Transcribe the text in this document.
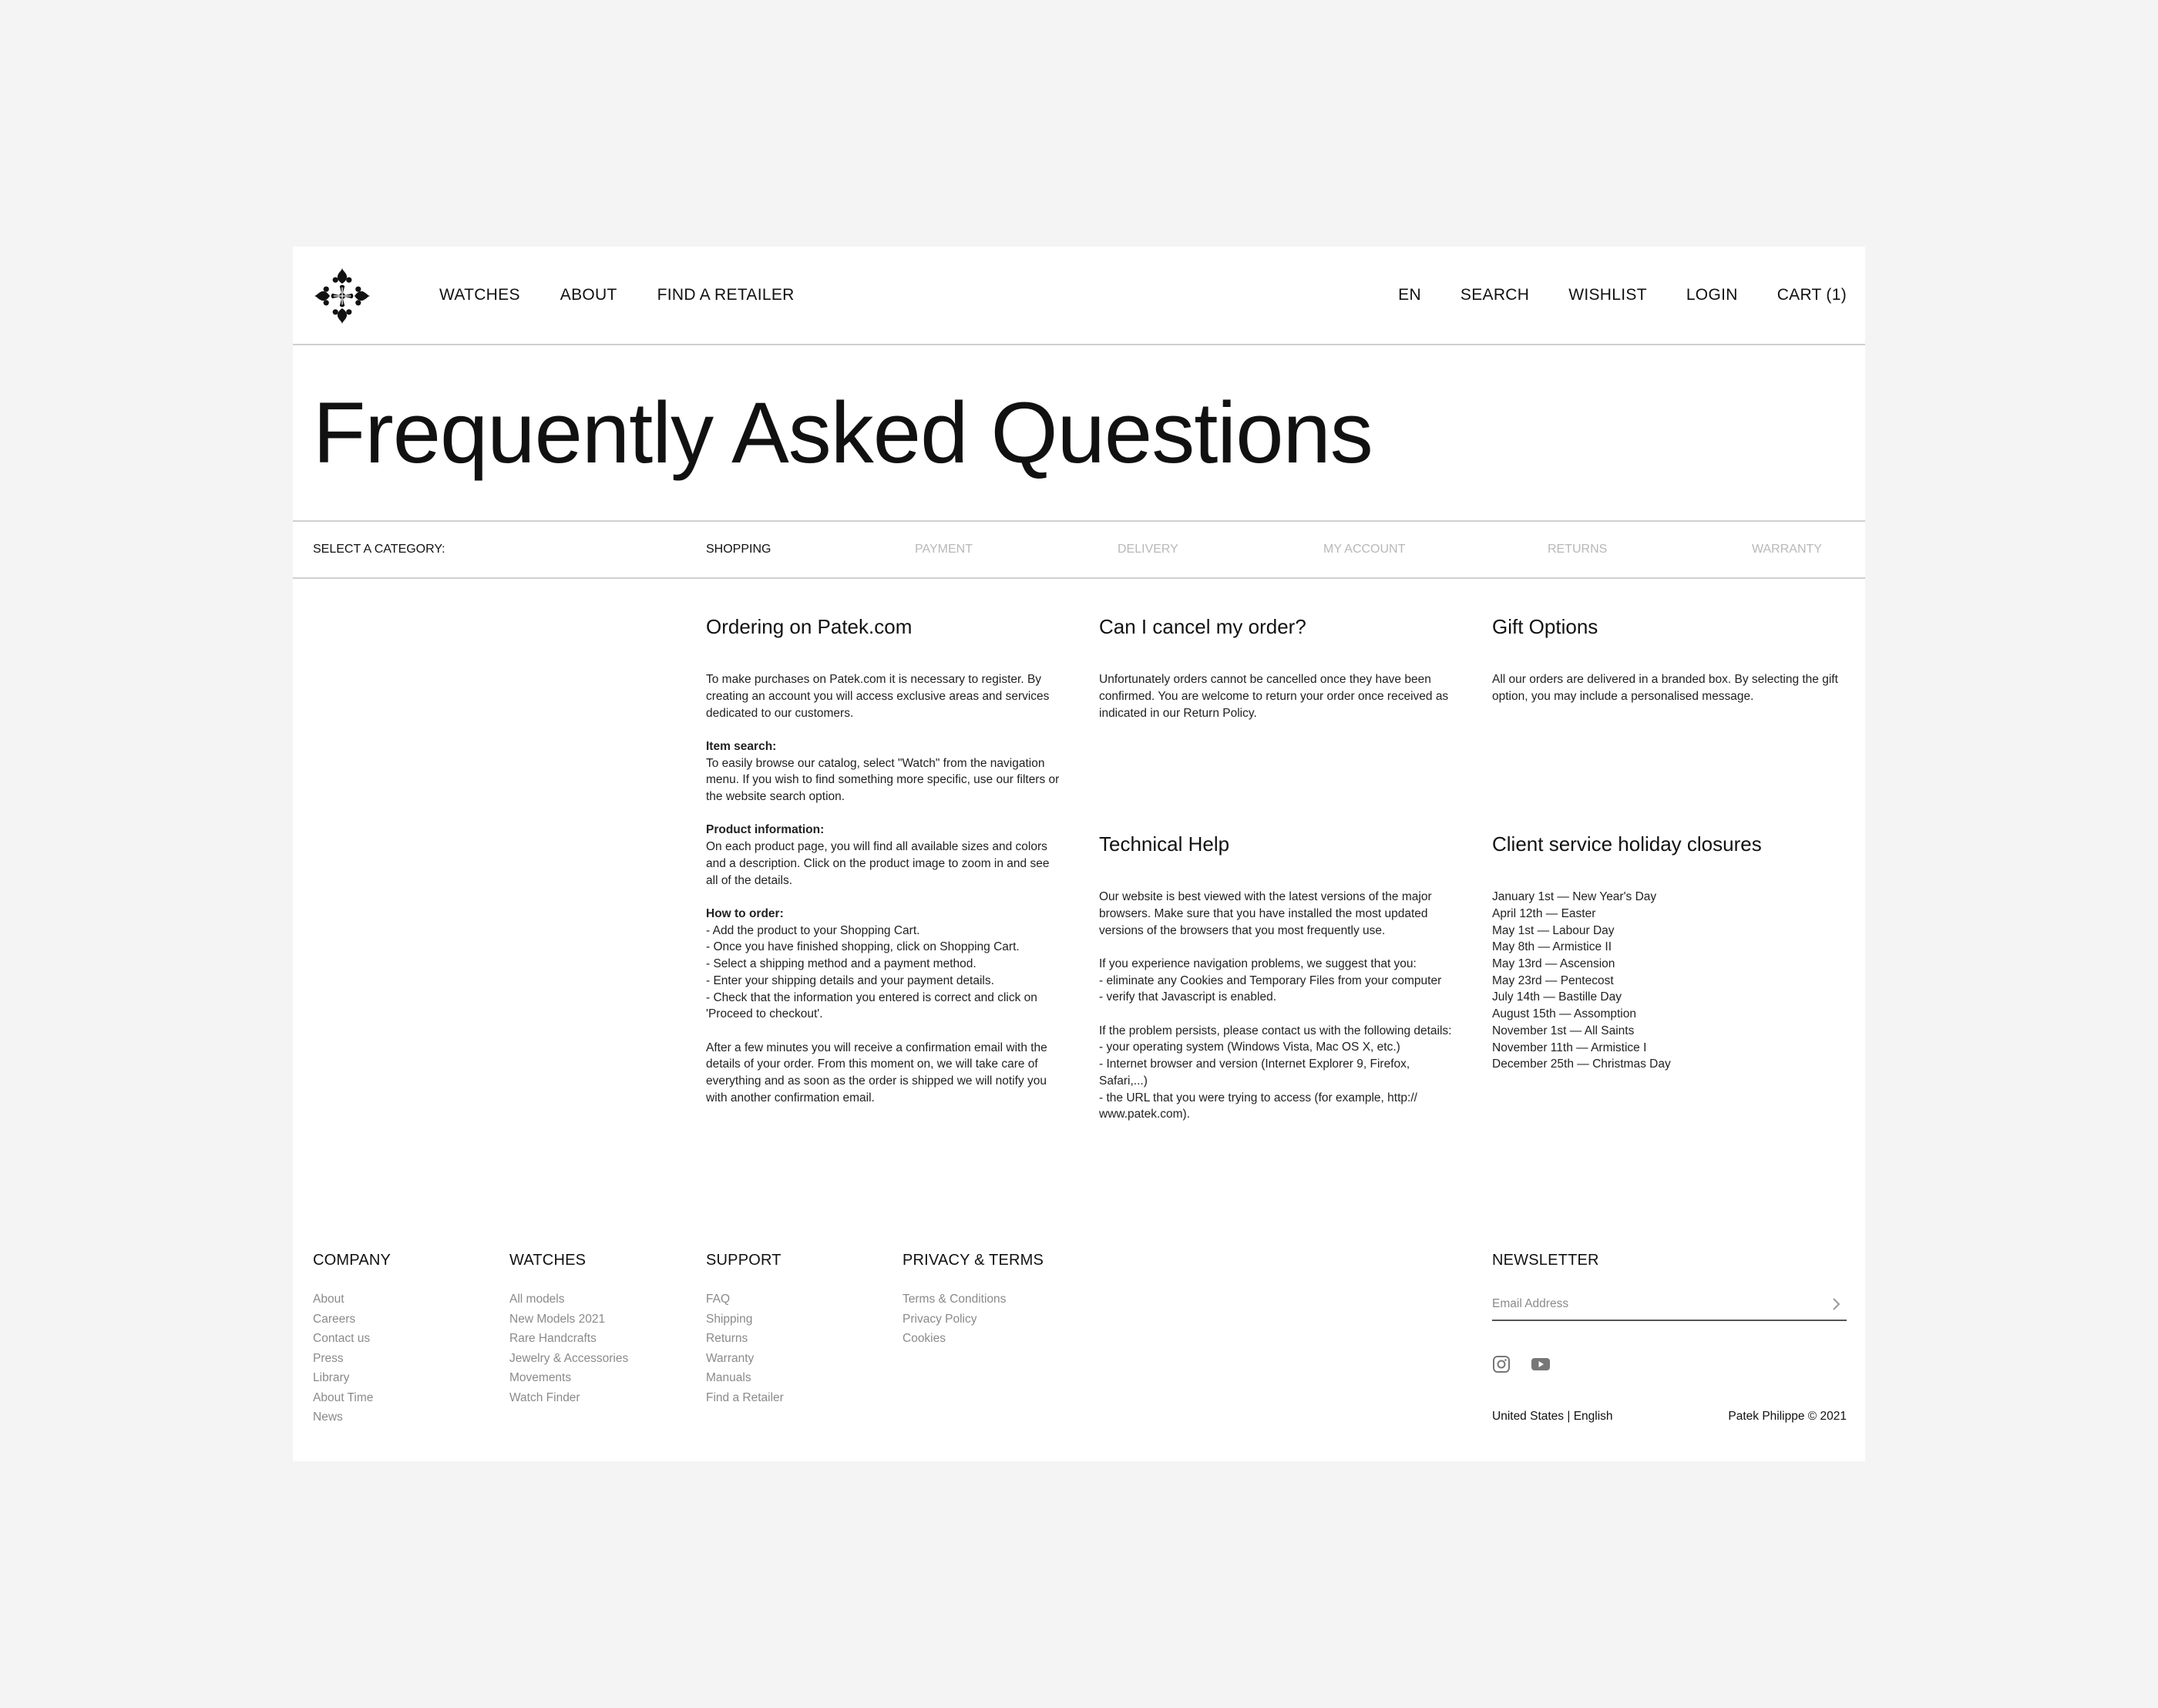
WATCHES ABOUT FIND A RETAILER	EN SEARCH WISHLIST LOGIN CART (1)
Frequently Asked Questions
SELECT A CATEGORY:	SHOPPING	PAYMENT	DELIVERY	MY ACCOUNT	RETURNS	WARRANTY
Ordering on Patek.com

To make purchases on Patek.com it is necessary to register. By creating an account you will access exclusive areas and services dedicated to our customers.

Item search:
To easily browse our catalog, select "Watch" from the navigation menu. If you wish to find something more specific, use our filters or the website search option.

Product information:
On each product page, you will find all available sizes and colors and a description. Click on the product image to zoom in and see all of the details.

How to order:
- Add the product to your Shopping Cart.
- Once you have finished shopping, click on Shopping Cart.
- Select a shipping method and a payment method.
- Enter your shipping details and your payment details.
- Check that the information you entered is correct and click on 'Proceed to checkout'.

After a few minutes you will receive a confirmation email with the details of your order. From this moment on, we will take care of everything and as soon as the order is shipped we will notify you with another confirmation email.

Can I cancel my order?

Unfortunately orders cannot be cancelled once they have been confirmed. You are welcome to return your order once received as indicated in our Return Policy.

Gift Options

All our orders are delivered in a branded box. By selecting the gift option, you may include a personalised message.

Technical Help

Our website is best viewed with the latest versions of the major browsers. Make sure that you have installed the most updated versions of the browsers that you most frequently use.

If you experience navigation problems, we suggest that you:
- eliminate any Cookies and Temporary Files from your computer
- verify that Javascript is enabled.

If the problem persists, please contact us with the following details:
- your operating system (Windows Vista, Mac OS X, etc.)
- Internet browser and version (Internet Explorer 9, Firefox, Safari,...)
- the URL that you were trying to access (for example, http:// www.patek.com).

Client service holiday closures
January 1st — New Year's Day
April 12th — Easter
May 1st — Labour Day
May 8th — Armistice II
May 13rd — Ascension
May 23rd — Pentecost
July 14th — Bastille Day
August 15th — Assomption
November 1st — All Saints
November 11th — Armistice I
December 25th — Christmas Day
COMPANY
About
Careers
Contact us
Press
Library
About Time
News
WATCHES
All models
New Models 2021
Rare Handcrafts
Jewelry & Accessories
Movements
Watch Finder
SUPPORT
FAQ
Shipping
Returns
Warranty
Manuals
Find a Retailer
PRIVACY & TERMS
Terms & Conditions
Privacy Policy
Cookies
NEWSLETTER
Email Address
United States | English	Patek Philippe © 2021
